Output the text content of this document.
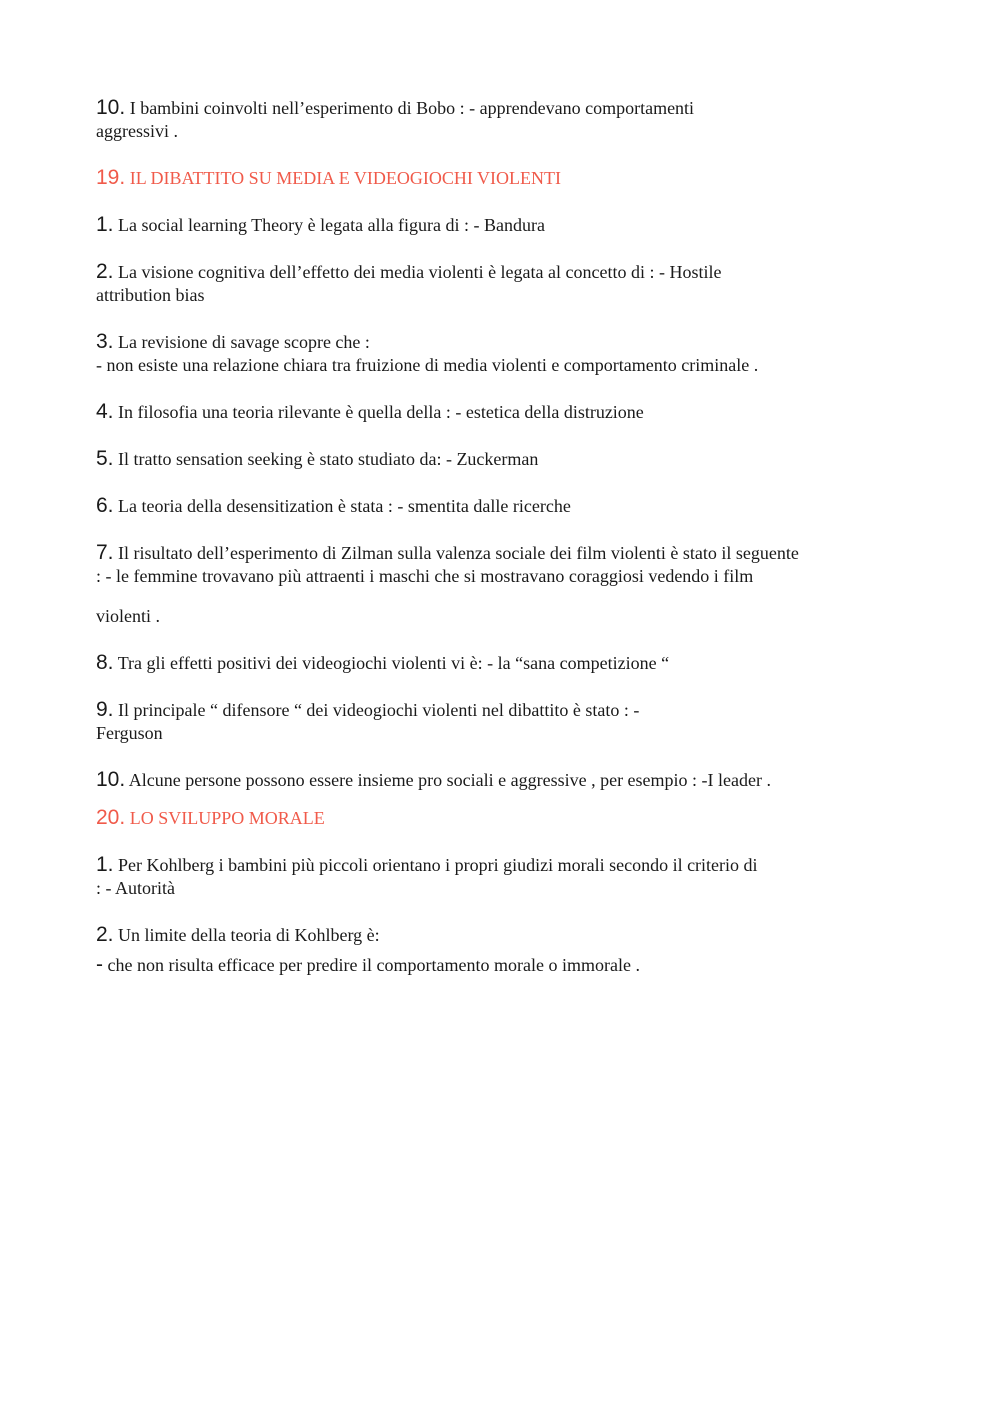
10. I bambini coinvolti nell’esperimento di Bobo : - apprendevano comportamenti
aggressivi .
19. IL DIBATTITO SU MEDIA E VIDEOGIOCHI VIOLENTI
1. La social learning Theory è legata alla figura di : - Bandura
2. La visione cognitiva dell’effetto dei media violenti è legata al concetto di : - Hostile
attribution bias
3. La revisione di savage scopre che :
- non esiste una relazione chiara tra fruizione di media violenti e comportamento criminale .
4. In filosofia una teoria rilevante è quella della : - estetica della distruzione
5. Il tratto sensation seeking è stato studiato da: - Zuckerman
6. La teoria della desensitization è stata : - smentita dalle ricerche
7. Il risultato dell’esperimento di Zilman sulla valenza sociale dei film violenti è stato il seguente
: - le femmine trovavano più attraenti i maschi che si mostravano coraggiosi vedendo i film
violenti .
8. Tra gli effetti positivi dei videogiochi violenti vi è: - la “sana competizione “
9. Il principale “ difensore “ dei videogiochi violenti nel dibattito è stato : -
Ferguson
10. Alcune persone possono essere insieme pro sociali e aggressive , per esempio : -I leader .
20. LO SVILUPPO MORALE
1. Per Kohlberg i bambini più piccoli orientano i propri giudizi morali secondo il criterio di
: - Autorità
2. Un limite della teoria di Kohlberg è:
- che non risulta efficace per predire il comportamento morale o immorale .
